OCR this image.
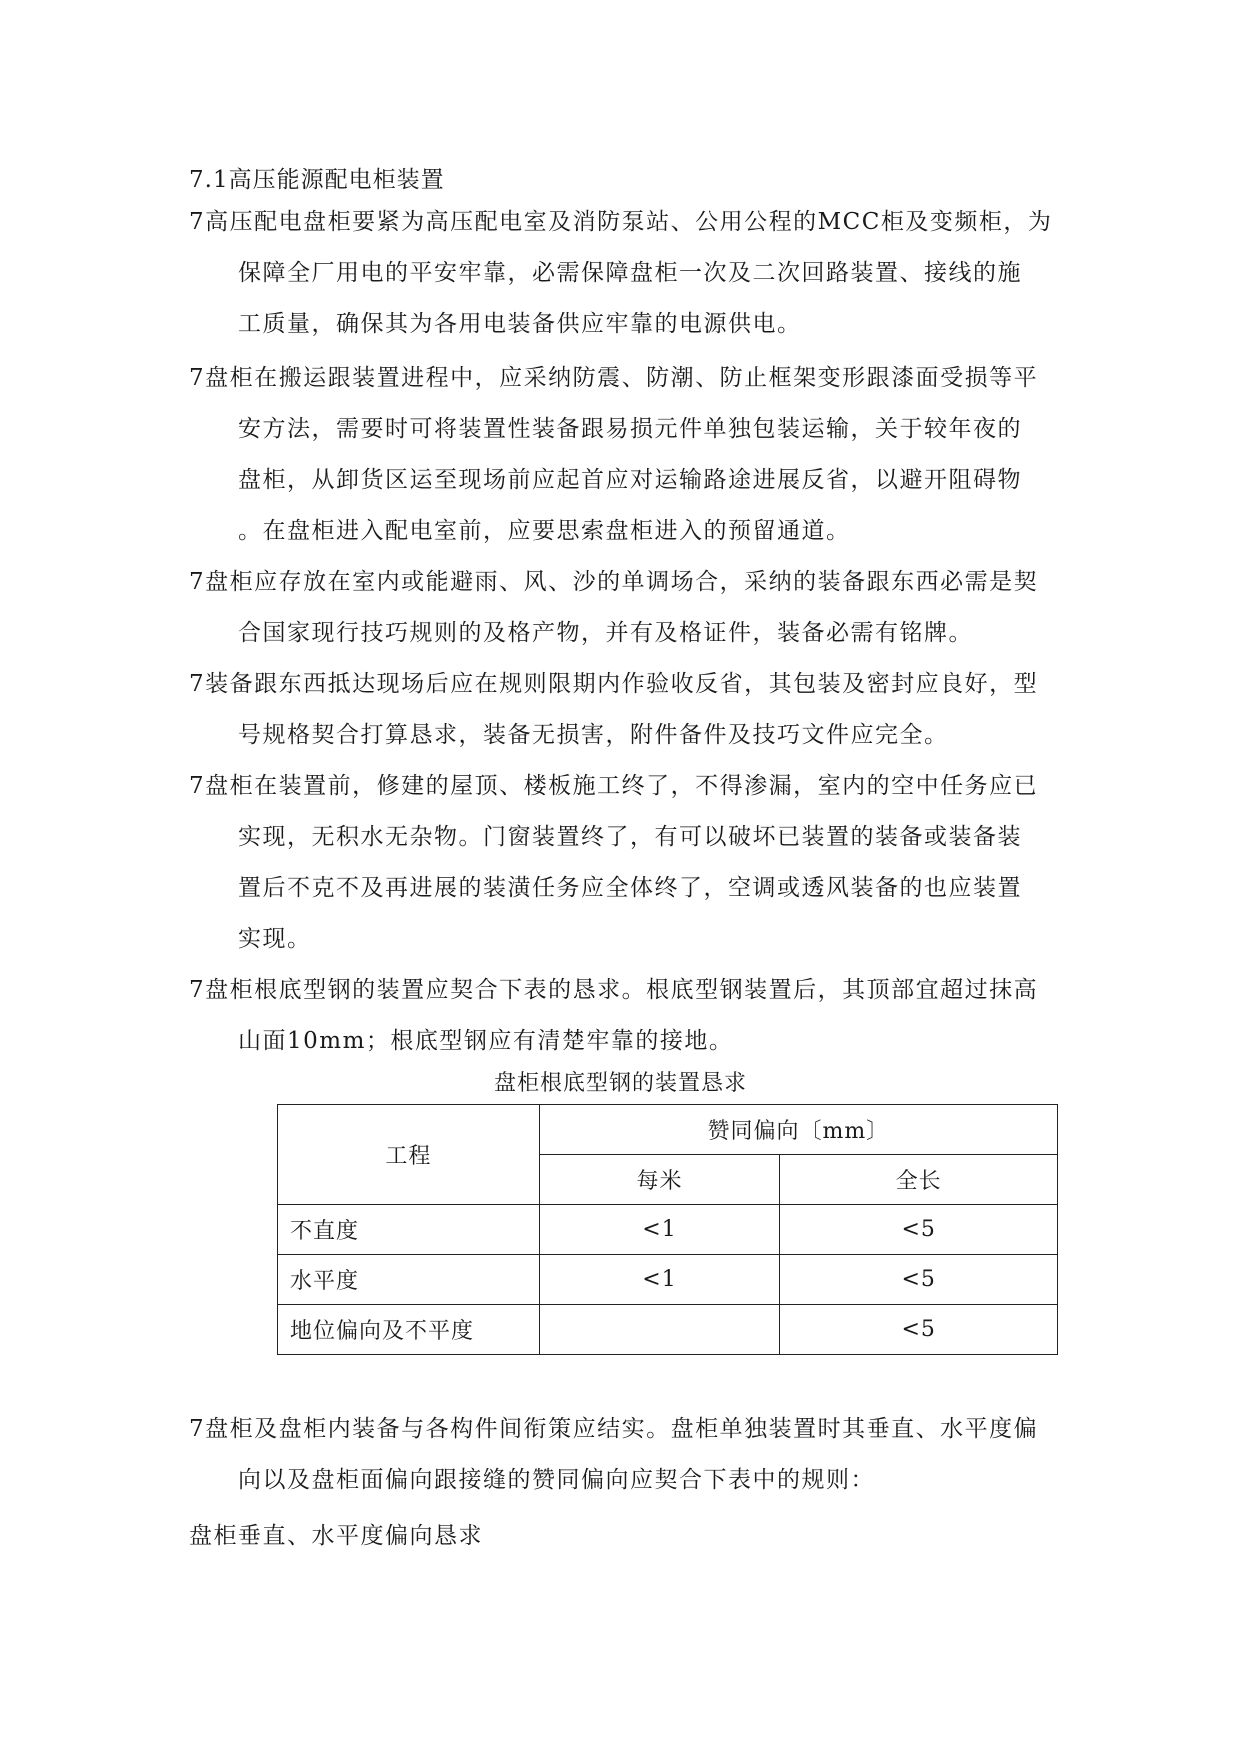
7.1高压能源配电柜装置
7高压配电盘柜要紧为高压配电室及消防泵站、公用公程的MCC柜及变频柜，为
保障全厂用电的平安牢靠，必需保障盘柜一次及二次回路装置、接线的施
工质量，确保其为各用电装备供应牢靠的电源供电。
7盘柜在搬运跟装置进程中，应采纳防震、防潮、防止框架变形跟漆面受损等平
安方法，需要时可将装置性装备跟易损元件单独包装运输，关于较年夜的
盘柜，从卸货区运至现场前应起首应对运输路途进展反省，以避开阻碍物
。在盘柜进入配电室前，应要思索盘柜进入的预留通道。
7盘柜应存放在室内或能避雨、风、沙的单调场合，采纳的装备跟东西必需是契
合国家现行技巧规则的及格产物，并有及格证件，装备必需有铭牌。
7装备跟东西抵达现场后应在规则限期内作验收反省，其包装及密封应良好，型
号规格契合打算恳求，装备无损害，附件备件及技巧文件应完全。
7盘柜在装置前，修建的屋顶、楼板施工终了，不得渗漏，室内的空中任务应已
实现，无积水无杂物。门窗装置终了，有可以破坏已装置的装备或装备装
置后不克不及再进展的装潢任务应全体终了，空调或透风装备的也应装置
实现。
7盘柜根底型钢的装置应契合下表的恳求。根底型钢装置后，其顶部宜超过抹高
山面10mm；根底型钢应有清楚牢靠的接地。
盘柜根底型钢的装置恳求
工程	赞同偏向〔mm〕	
	每米	全长
不直度	<1	<5
水平度	<1	<5
地位偏向及不平度		<5
7盘柜及盘柜内装备与各构件间衔策应结实。盘柜单独装置时其垂直、水平度偏
向以及盘柜面偏向跟接缝的赞同偏向应契合下表中的规则：
盘柜垂直、水平度偏向恳求
